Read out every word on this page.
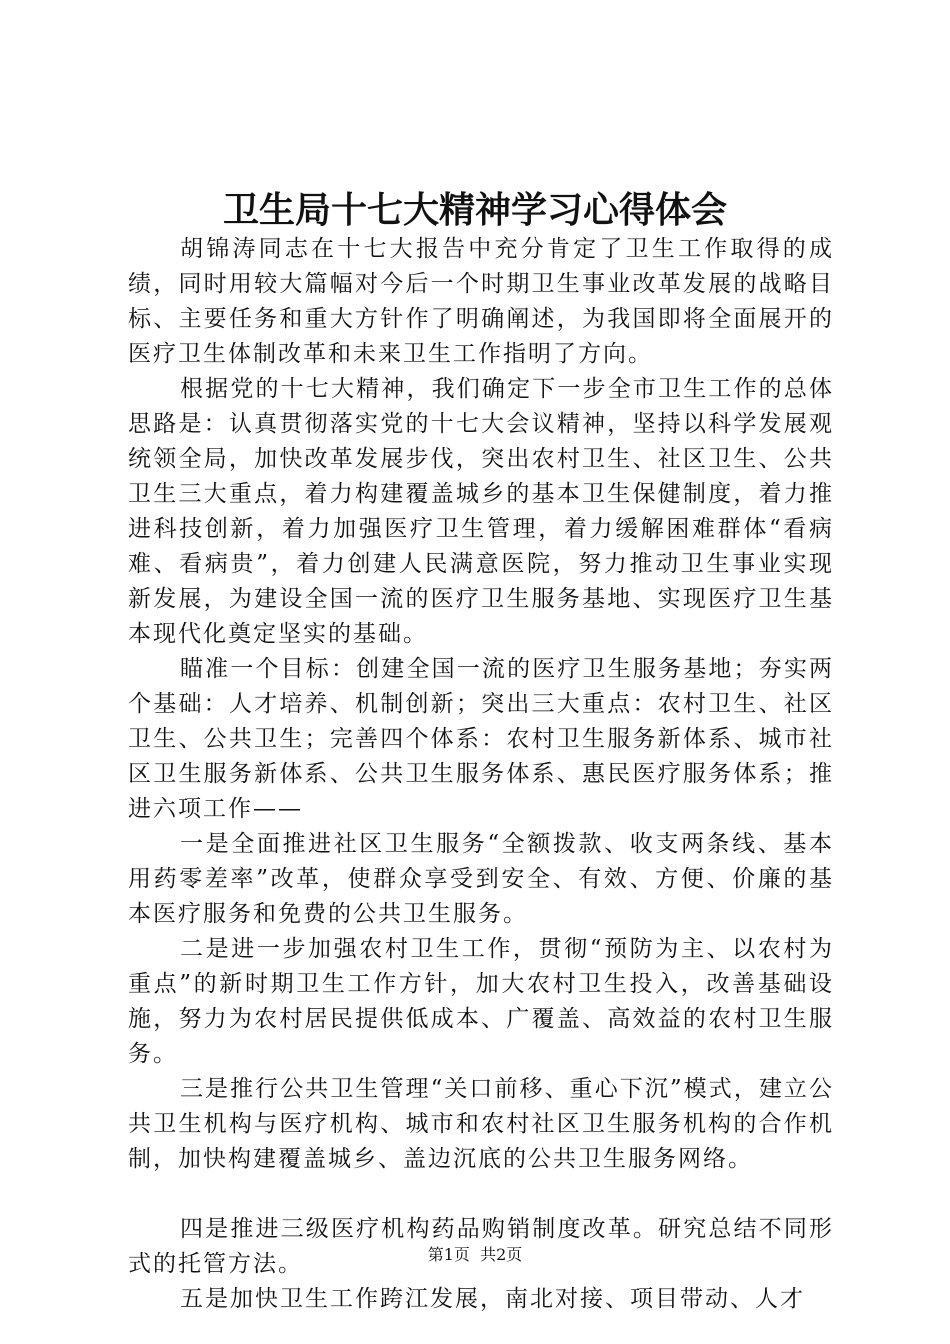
卫生局十七大精神学习心得体会

胡锦涛同志在十七大报告中充分肯定了卫生工作取得的成绩，同时用较大篇幅对今后一个时期卫生事业改革发展的战略目标、主要任务和重大方针作了明确阐述，为我国即将全面展开的医疗卫生体制改革和未来卫生工作指明了方向。

根据党的十七大精神，我们确定下一步全市卫生工作的总体思路是：认真贯彻落实党的十七大会议精神，坚持以科学发展观统领全局，加快改革发展步伐，突出农村卫生、社区卫生、公共卫生三大重点，着力构建覆盖城乡的基本卫生保健制度，着力推进科技创新，着力加强医疗卫生管理，着力缓解困难群体“看病难、看病贵”，着力创建人民满意医院，努力推动卫生事业实现新发展，为建设全国一流的医疗卫生服务基地、实现医疗卫生基本现代化奠定坚实的基础。

瞄准一个目标：创建全国一流的医疗卫生服务基地；夯实两个基础：人才培养、机制创新；突出三大重点：农村卫生、社区卫生、公共卫生；完善四个体系：农村卫生服务新体系、城市社区卫生服务新体系、公共卫生服务体系、惠民医疗服务体系；推进六项工作——

一是全面推进社区卫生服务“全额拨款、收支两条线、基本用药零差率”改革，使群众享受到安全、有效、方便、价廉的基本医疗服务和免费的公共卫生服务。

二是进一步加强农村卫生工作，贯彻“预防为主、以农村为重点”的新时期卫生工作方针，加大农村卫生投入，改善基础设施，努力为农村居民提供低成本、广覆盖、高效益的农村卫生服务。

三是推行公共卫生管理“关口前移、重心下沉”模式，建立公共卫生机构与医疗机构、城市和农村社区卫生服务机构的合作机制，加快构建覆盖城乡、盖边沉底的公共卫生服务网络。

四是推进三级医疗机构药品购销制度改革。研究总结不同形式的托管方法。

五是加快卫生工作跨江发展，南北对接、项目带动、人才

第1页  共2页
